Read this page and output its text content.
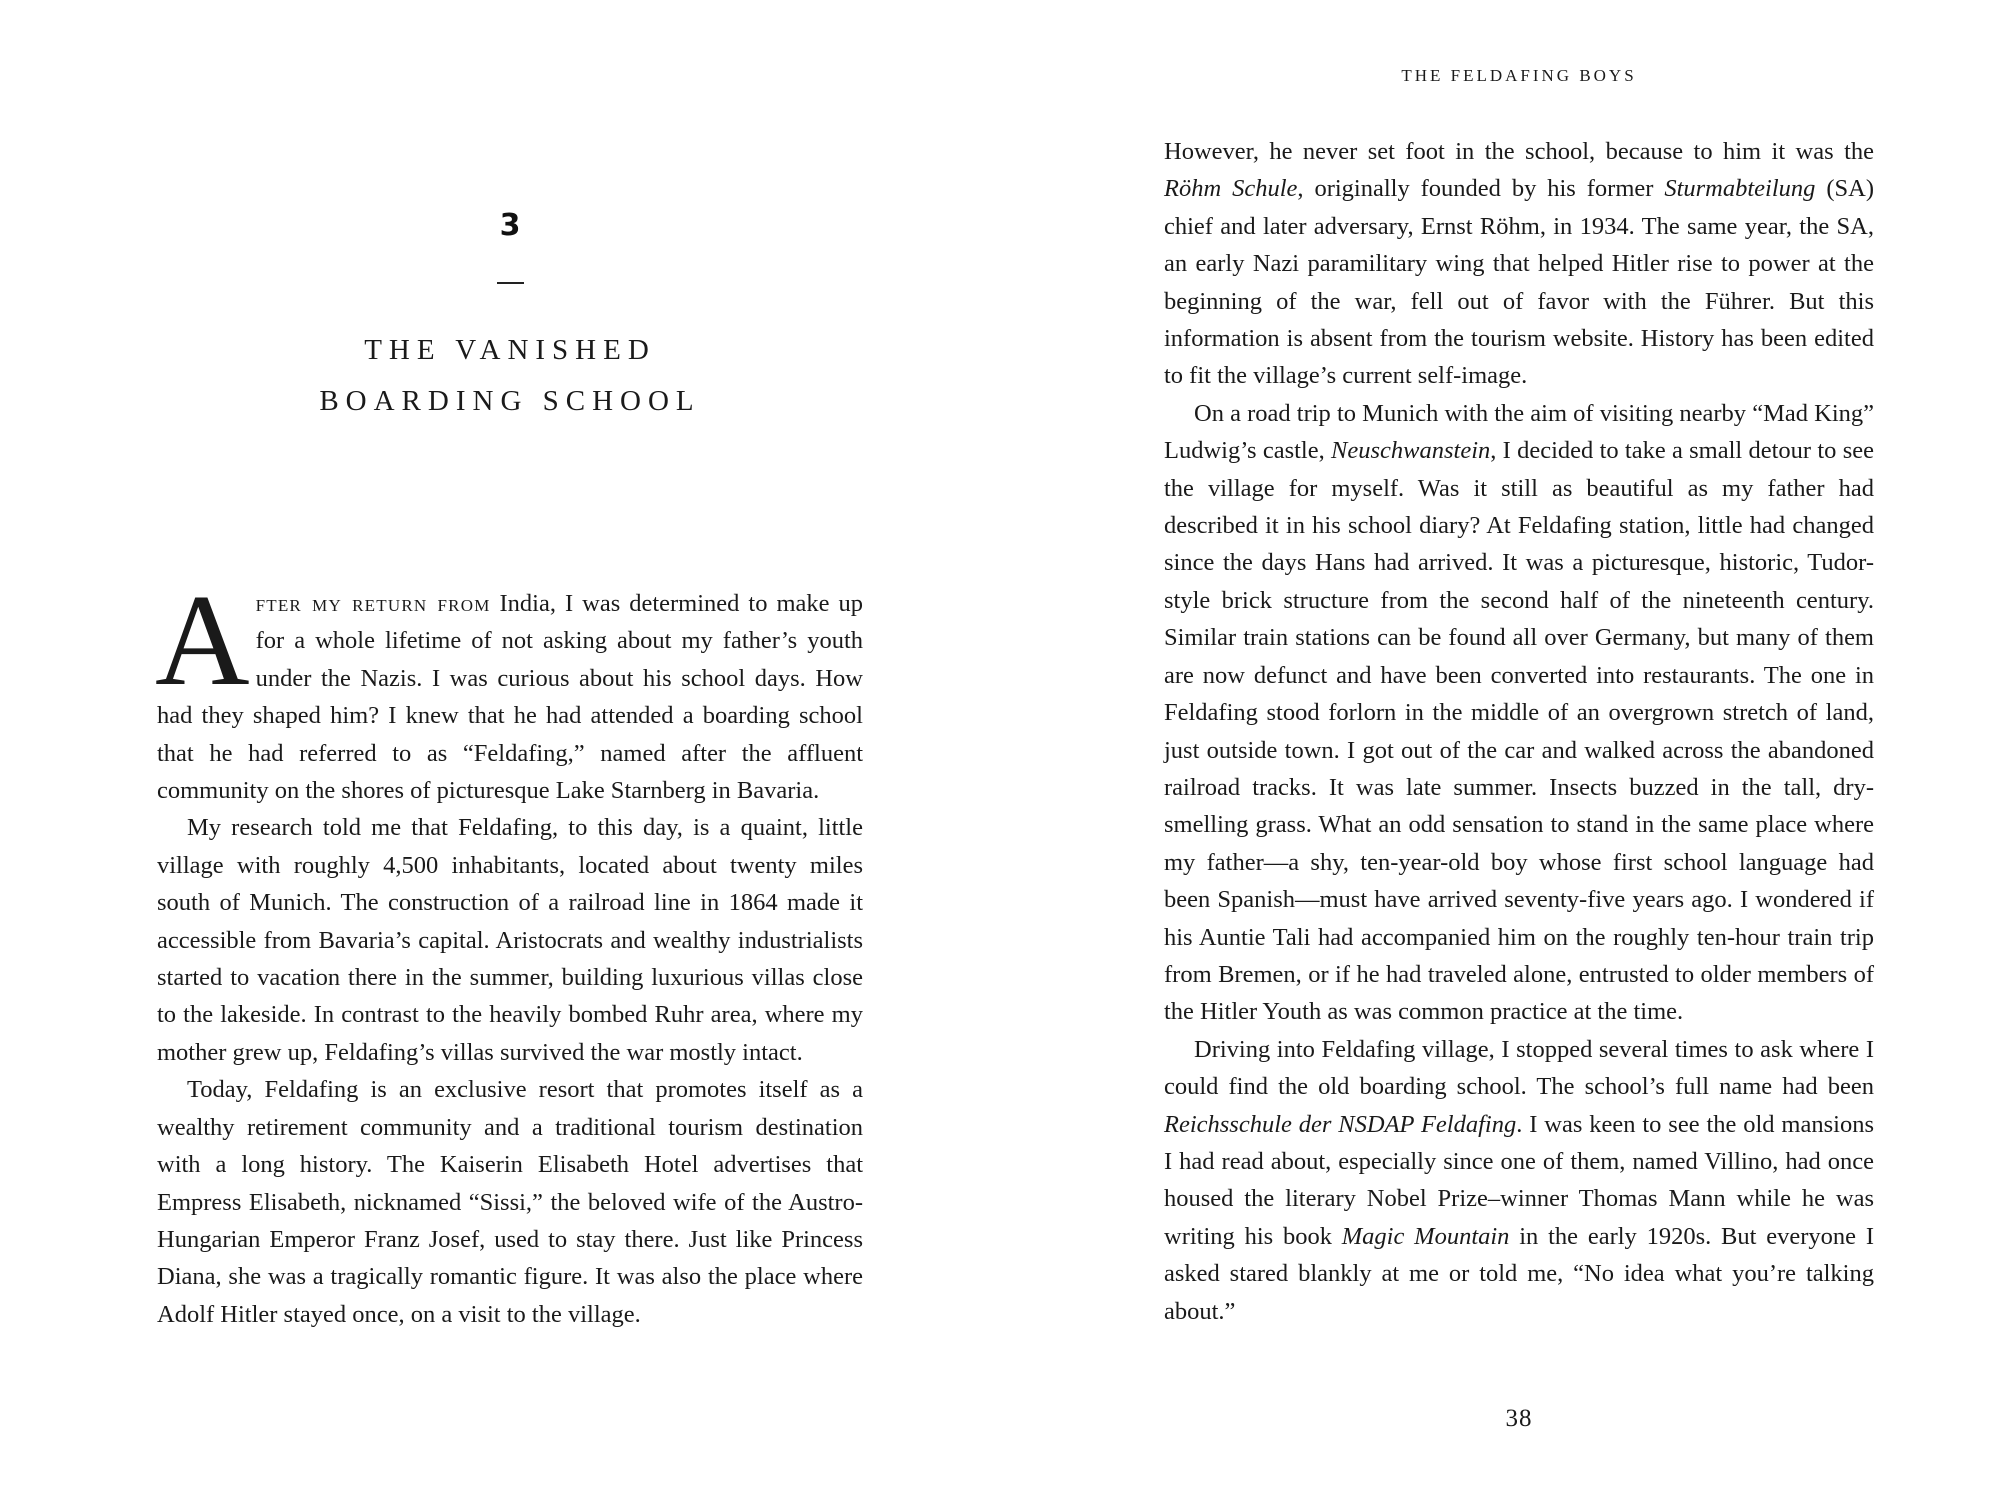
3
THE VANISHED
BOARDING SCHOOL

After my return from India, I was determined to make up for a whole lifetime of not asking about my father’s youth under the Nazis. I was curious about his school days. How had they shaped him? I knew that he had attended a boarding school that he had referred to as “Feldafing,” named after the affluent community on the shores of picturesque Lake Starnberg in Bavaria.

My research told me that Feldafing, to this day, is a quaint, little village with roughly 4,500 inhabitants, located about twenty miles south of Munich. The construction of a railroad line in 1864 made it accessible from Bavaria’s capital. Aristocrats and wealthy industrialists started to vacation there in the summer, building luxurious villas close to the lakeside. In contrast to the heavily bombed Ruhr area, where my mother grew up, Feldafing’s villas survived the war mostly intact.

Today, Feldafing is an exclusive resort that promotes itself as a wealthy retirement community and a traditional tourism destination with a long history. The Kaiserin Elisabeth Hotel advertises that Empress Elisabeth, nicknamed “Sissi,” the beloved wife of the Austro-Hungarian Emperor Franz Josef, used to stay there. Just like Princess Diana, she was a tragically romantic figure. It was also the place where Adolf Hitler stayed once, on a visit to the village.

THE FELDAFING BOYS

However, he never set foot in the school, because to him it was the Röhm Schule, originally founded by his former Sturmabteilung (SA) chief and later adversary, Ernst Röhm, in 1934. The same year, the SA, an early Nazi paramilitary wing that helped Hitler rise to power at the beginning of the war, fell out of favor with the Führer. But this information is absent from the tourism website. History has been edited to fit the village’s current self-image.

On a road trip to Munich with the aim of visiting nearby “Mad King” Ludwig’s castle, Neuschwanstein, I decided to take a small detour to see the village for myself. Was it still as beautiful as my father had described it in his school diary? At Feldafing station, little had changed since the days Hans had arrived. It was a picturesque, historic, Tudor-style brick structure from the second half of the nineteenth century. Similar train stations can be found all over Germany, but many of them are now defunct and have been converted into restaurants. The one in Feldafing stood forlorn in the middle of an overgrown stretch of land, just outside town. I got out of the car and walked across the abandoned railroad tracks. It was late summer. Insects buzzed in the tall, dry-smelling grass. What an odd sensation to stand in the same place where my father—a shy, ten-year-old boy whose first school language had been Spanish—must have arrived seventy-five years ago. I wondered if his Auntie Tali had accompanied him on the roughly ten-hour train trip from Bremen, or if he had traveled alone, entrusted to older members of the Hitler Youth as was common practice at the time.

Driving into Feldafing village, I stopped several times to ask where I could find the old boarding school. The school’s full name had been Reichsschule der NSDAP Feldafing. I was keen to see the old mansions I had read about, especially since one of them, named Villino, had once housed the literary Nobel Prize–winner Thomas Mann while he was writing his book Magic Mountain in the early 1920s. But everyone I asked stared blankly at me or told me, “No idea what you’re talking about.”

38
